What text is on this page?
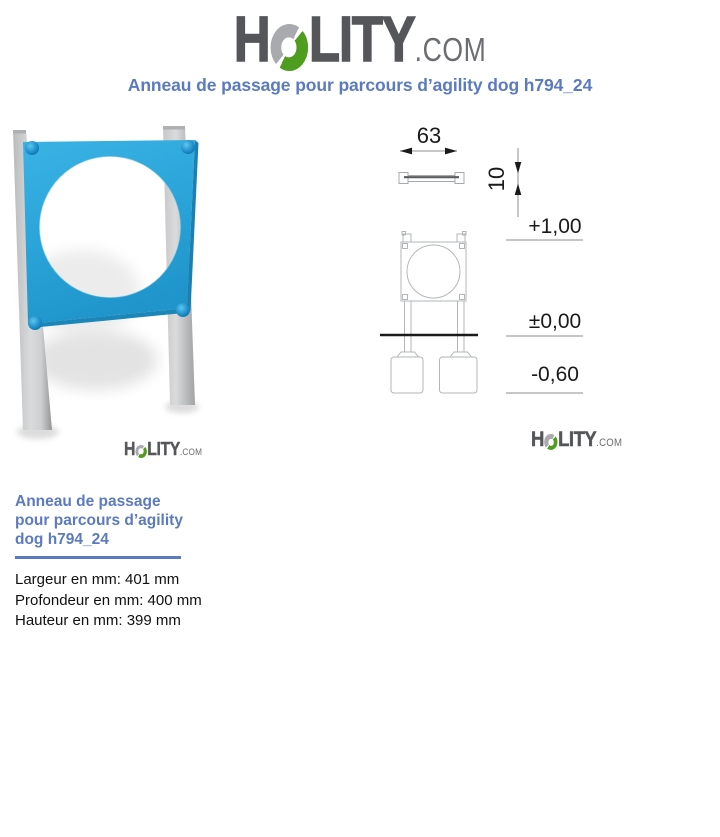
H LITY .COM
Anneau de passage pour parcours d’agility dog h794_24
H LITY .COM
63
10
+1,00
±0,00
-0,60
H LITY .COM
Anneau de passage
pour parcours d’agility
dog h794_24
Largeur en mm: 401 mm
Profondeur en mm: 400 mm
Hauteur en mm: 399 mm
